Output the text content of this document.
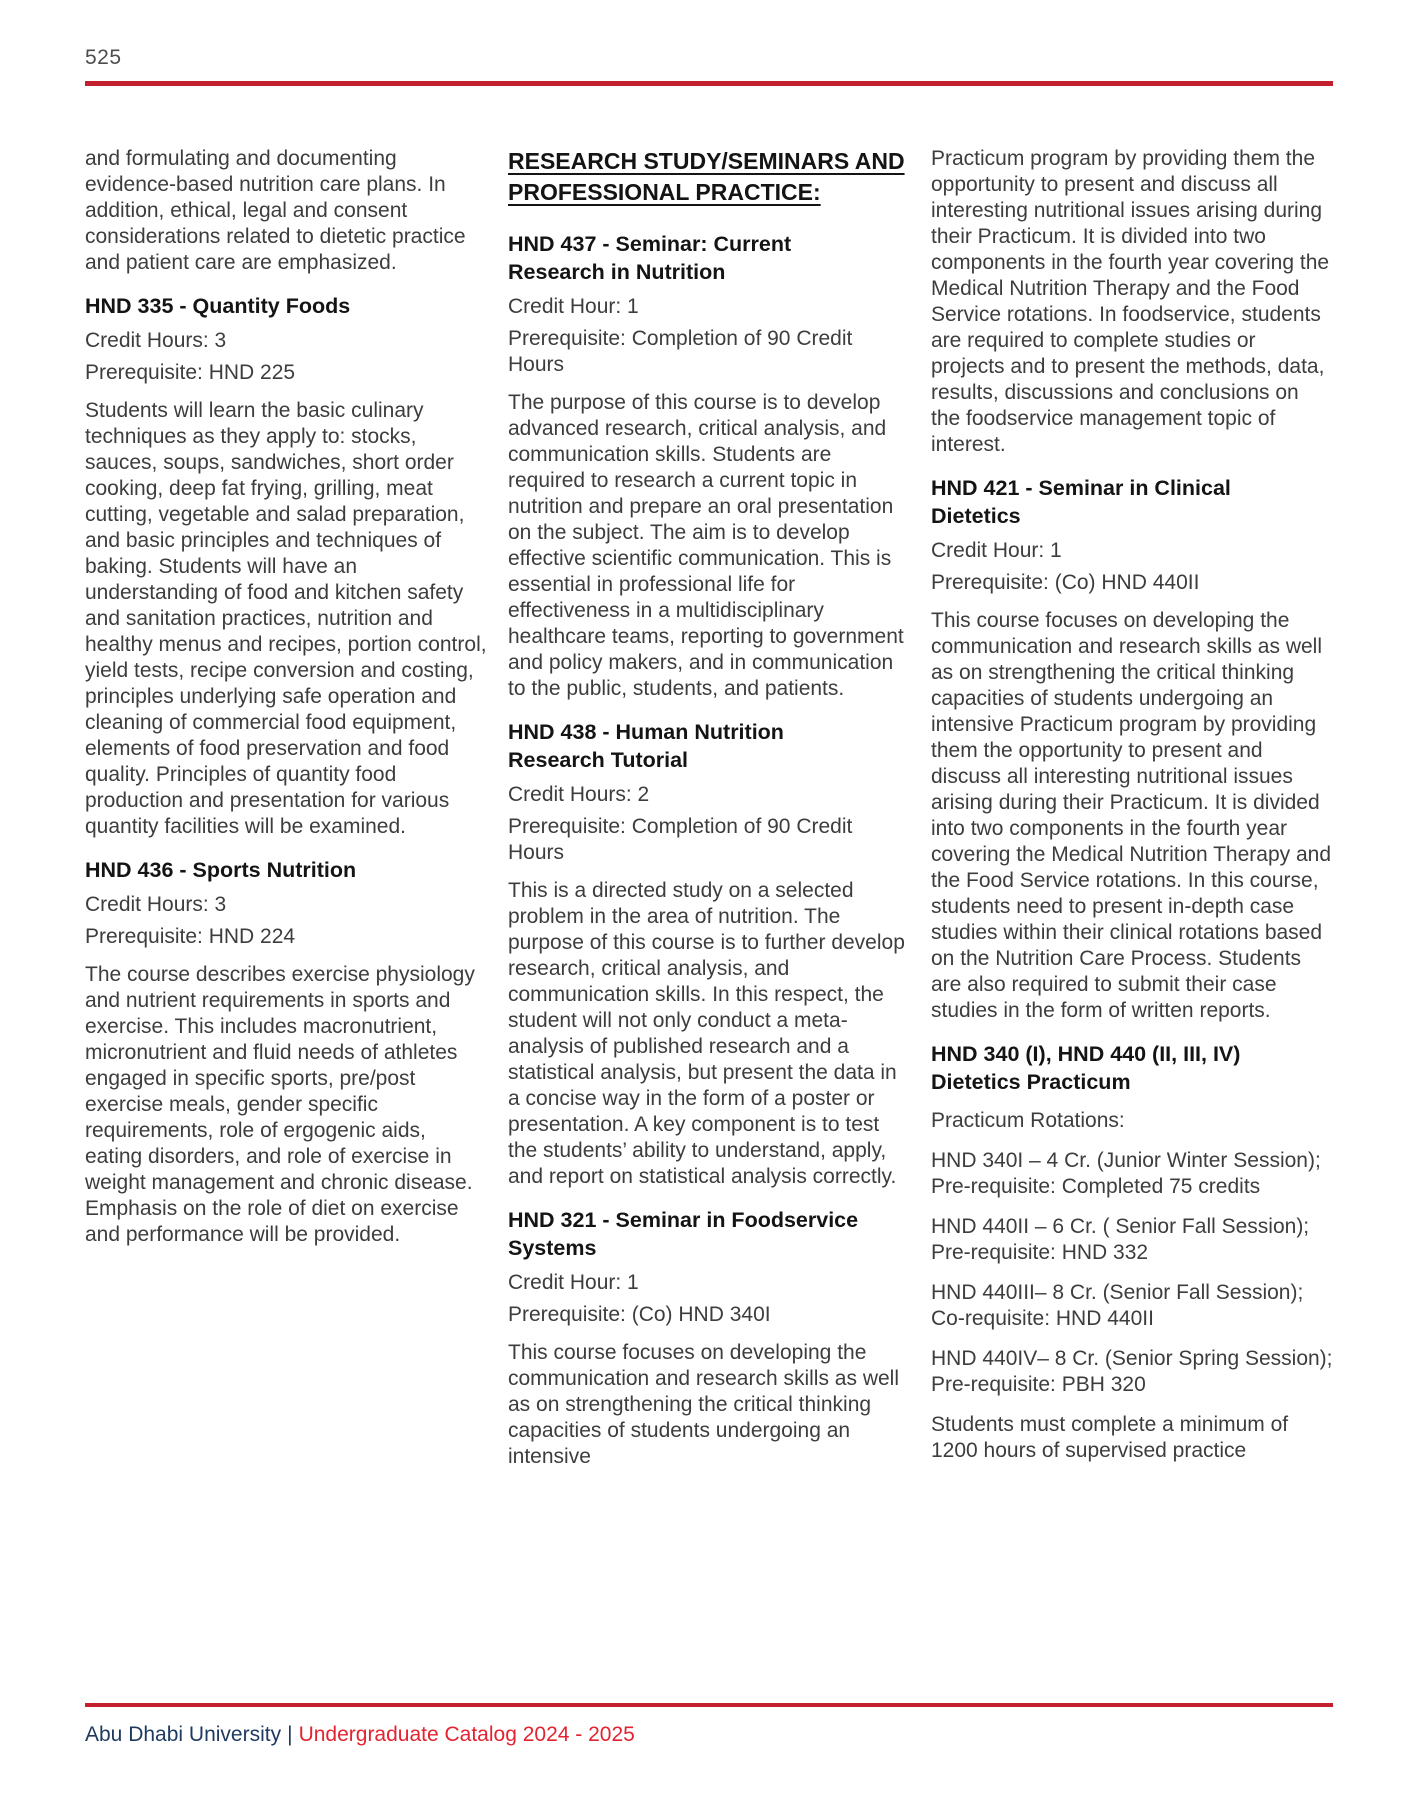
525

and formulating and documenting evidence-based nutrition care plans. In addition, ethical, legal and consent considerations related to dietetic practice and patient care are emphasized.

HND 335 - Quantity Foods

Credit Hours: 3

Prerequisite: HND 225

Students will learn the basic culinary techniques as they apply to: stocks, sauces, soups, sandwiches, short order cooking, deep fat frying, grilling, meat cutting, vegetable and salad preparation, and basic principles and techniques of baking. Students will have an understanding of food and kitchen safety and sanitation practices, nutrition and healthy menus and recipes, portion control, yield tests, recipe conversion and costing, principles underlying safe operation and cleaning of commercial food equipment, elements of food preservation and food quality. Principles of quantity food production and presentation for various quantity facilities will be examined.

HND 436 - Sports Nutrition

Credit Hours: 3

Prerequisite: HND 224

The course describes exercise physiology and nutrient requirements in sports and exercise. This includes macronutrient, micronutrient and fluid needs of athletes engaged in specific sports, pre/post exercise meals, gender specific requirements, role of ergogenic aids, eating disorders, and role of exercise in weight management and chronic disease. Emphasis on the role of diet on exercise and performance will be provided.

RESEARCH STUDY/SEMINARS AND PROFESSIONAL PRACTICE:
HND 437 - Seminar: Current Research in Nutrition

Credit Hour: 1

Prerequisite: Completion of 90 Credit Hours

The purpose of this course is to develop advanced research, critical analysis, and communication skills. Students are required to research a current topic in nutrition and prepare an oral presentation on the subject. The aim is to develop effective scientific communication. This is essential in professional life for effectiveness in a multidisciplinary healthcare teams, reporting to government and policy makers, and in communication to the public, students, and patients.

HND 438 - Human Nutrition Research Tutorial

Credit Hours: 2

Prerequisite: Completion of 90 Credit Hours

This is a directed study on a selected problem in the area of nutrition. The purpose of this course is to further develop research, critical analysis, and communication skills. In this respect, the student will not only conduct a meta-analysis of published research and a statistical analysis, but present the data in a concise way in the form of a poster or presentation. A key component is to test the students’ ability to understand, apply, and report on statistical analysis correctly.

HND 321 - Seminar in Foodservice Systems

Credit Hour: 1

Prerequisite: (Co) HND 340I

This course focuses on developing the communication and research skills as well as on strengthening the critical thinking capacities of students undergoing an intensive

Practicum program by providing them the opportunity to present and discuss all interesting nutritional issues arising during their Practicum. It is divided into two components in the fourth year covering the Medical Nutrition Therapy and the Food Service rotations. In foodservice, students are required to complete studies or projects and to present the methods, data, results, discussions and conclusions on the foodservice management topic of interest.

HND 421 - Seminar in Clinical Dietetics

Credit Hour: 1

Prerequisite: (Co) HND 440II

This course focuses on developing the communication and research skills as well as on strengthening the critical thinking capacities of students undergoing an intensive Practicum program by providing them the opportunity to present and discuss all interesting nutritional issues arising during their Practicum. It is divided into two components in the fourth year covering the Medical Nutrition Therapy and the Food Service rotations. In this course, students need to present in-depth case studies within their clinical rotations based on the Nutrition Care Process. Students are also required to submit their case studies in the form of written reports.

HND 340 (I), HND 440 (II, III, IV) Dietetics Practicum

Practicum Rotations:

HND 340I – 4 Cr. (Junior Winter Session); Pre-requisite: Completed 75 credits

HND 440II – 6 Cr. ( Senior Fall Session); Pre-requisite: HND 332

HND 440III– 8 Cr. (Senior Fall Session); Co-requisite: HND 440II

HND 440IV– 8 Cr. (Senior Spring Session); Pre-requisite: PBH 320

Students must complete a minimum of 1200 hours of supervised practice

Abu Dhabi University | Undergraduate Catalog 2024 - 2025
